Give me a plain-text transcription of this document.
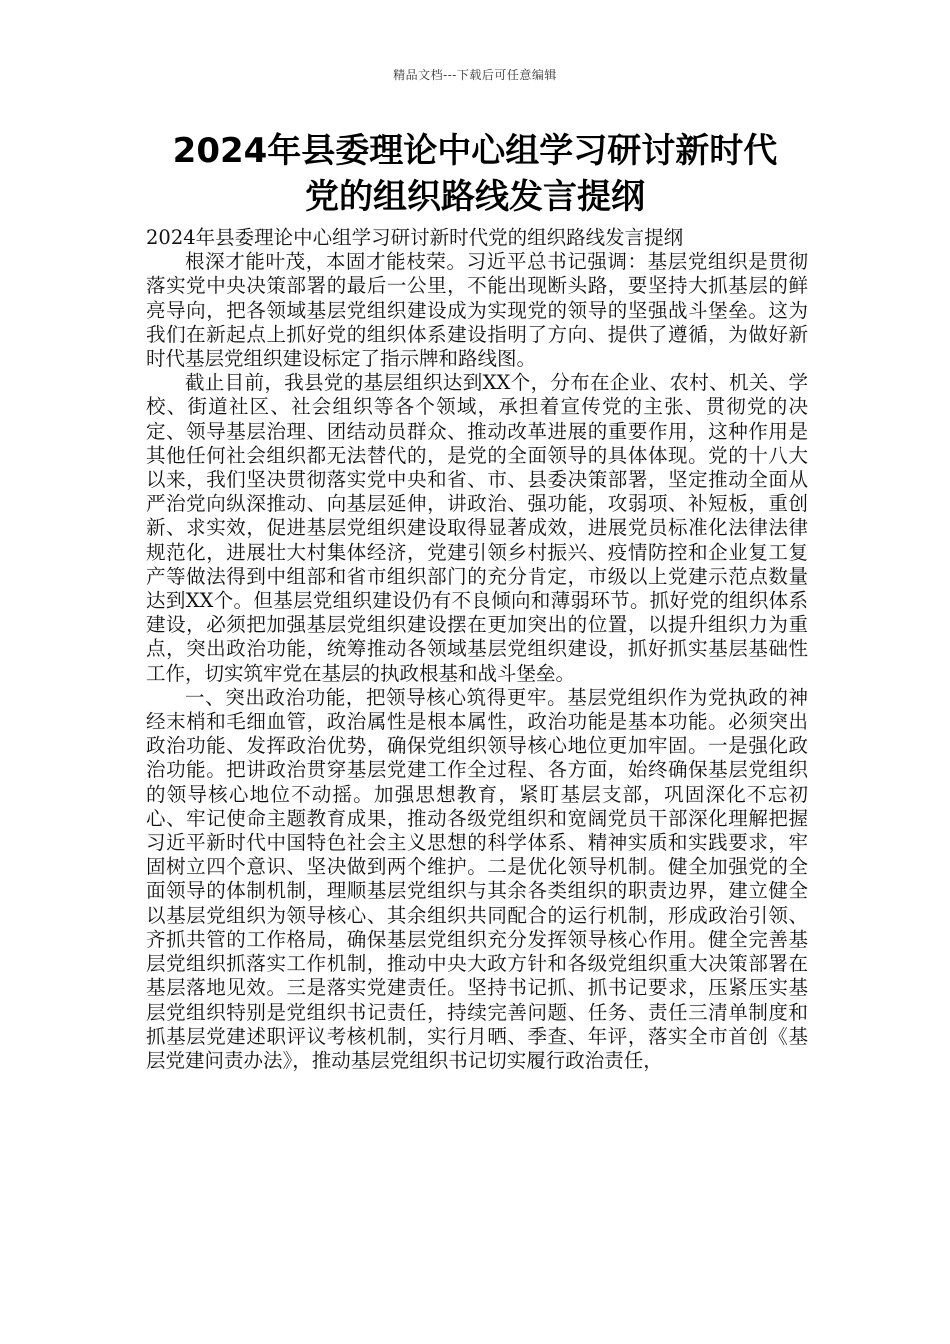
精品文档---下载后可任意编辑
2024年县委理论中心组学习研讨新时代
党的组织路线发言提纲

2024年县委理论中心组学习研讨新时代党的组织路线发言提纲

根深才能叶茂，本固才能枝荣。习近平总书记强调：基层党组织是贯彻落实党中央决策部署的最后一公里，不能出现断头路，要坚持大抓基层的鲜亮导向，把各领域基层党组织建设成为实现党的领导的坚强战斗堡垒。这为我们在新起点上抓好党的组织体系建设指明了方向、提供了遵循，为做好新时代基层党组织建设标定了指示牌和路线图。

截止目前，我县党的基层组织达到XX个，分布在企业、农村、机关、学校、街道社区、社会组织等各个领域，承担着宣传党的主张、贯彻党的决定、领导基层治理、团结动员群众、推动改革进展的重要作用，这种作用是其他任何社会组织都无法替代的，是党的全面领导的具体体现。党的十八大以来，我们坚决贯彻落实党中央和省、市、县委决策部署，坚定推动全面从严治党向纵深推动、向基层延伸，讲政治、强功能，攻弱项、补短板，重创新、求实效，促进基层党组织建设取得显著成效，进展党员标准化法律法律规范化，进展壮大村集体经济，党建引领乡村振兴、疫情防控和企业复工复产等做法得到中组部和省市组织部门的充分肯定，市级以上党建示范点数量达到XX个。但基层党组织建设仍有不良倾向和薄弱环节。抓好党的组织体系建设，必须把加强基层党组织建设摆在更加突出的位置，以提升组织力为重点，突出政治功能，统筹推动各领域基层党组织建设，抓好抓实基层基础性工作，切实筑牢党在基层的执政根基和战斗堡垒。

一、突出政治功能，把领导核心筑得更牢。基层党组织作为党执政的神经末梢和毛细血管，政治属性是根本属性，政治功能是基本功能。必须突出政治功能、发挥政治优势，确保党组织领导核心地位更加牢固。一是强化政治功能。把讲政治贯穿基层党建工作全过程、各方面，始终确保基层党组织的领导核心地位不动摇。加强思想教育，紧盯基层支部，巩固深化不忘初心、牢记使命主题教育成果，推动各级党组织和宽阔党员干部深化理解把握习近平新时代中国特色社会主义思想的科学体系、精神实质和实践要求，牢固树立四个意识、坚决做到两个维护。二是优化领导机制。健全加强党的全面领导的体制机制，理顺基层党组织与其余各类组织的职责边界，建立健全以基层党组织为领导核心、其余组织共同配合的运行机制，形成政治引领、齐抓共管的工作格局，确保基层党组织充分发挥领导核心作用。健全完善基层党组织抓落实工作机制，推动中央大政方针和各级党组织重大决策部署在基层落地见效。三是落实党建责任。坚持书记抓、抓书记要求，压紧压实基层党组织特别是党组织书记责任，持续完善问题、任务、责任三清单制度和抓基层党建述职评议考核机制，实行月晒、季查、年评，落实全市首创《基层党建问责办法》，推动基层党组织书记切实履行政治责任，
